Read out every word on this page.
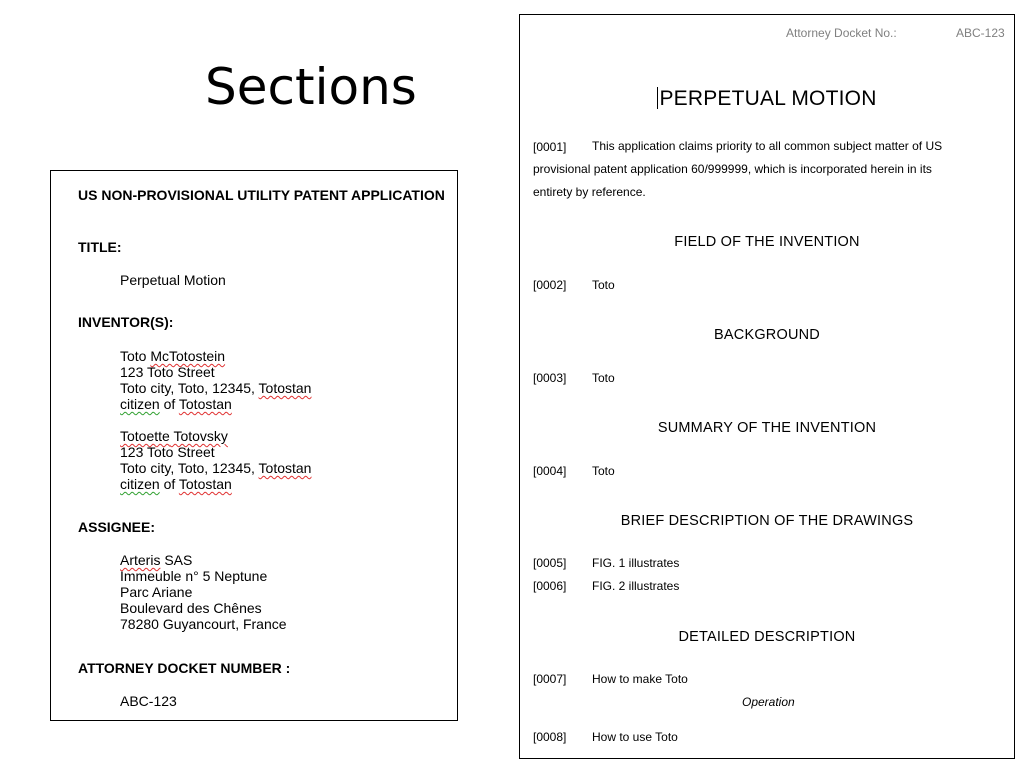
Sections
US NON-PROVISIONAL UTILITY PATENT APPLICATION
TITLE:
Perpetual Motion
INVENTOR(S):
Toto McTotostein
123 Toto Street
Toto city, Toto, 12345, Totostan
citizen of Totostan
Totoette Totovsky
123 Toto Street
Toto city, Toto, 12345, Totostan
citizen of Totostan
ASSIGNEE:
Arteris SAS
Immeuble n° 5 Neptune
Parc Ariane
Boulevard des Chênes
78280 Guyancourt, France
ATTORNEY DOCKET NUMBER :
ABC-123
Attorney Docket No.:	ABC-123
PERPETUAL MOTION
[0001] This application claims priority to all common subject matter of US
provisional patent application 60/999999, which is incorporated herein in its
entirety by reference.
FIELD OF THE INVENTION
[0002] Toto
BACKGROUND
[0003] Toto
SUMMARY OF THE INVENTION
[0004] Toto
BRIEF DESCRIPTION OF THE DRAWINGS
[0005] FIG. 1 illustrates
[0006] FIG. 2 illustrates
DETAILED DESCRIPTION
[0007] How to make Toto
Operation
[0008] How to use Toto
